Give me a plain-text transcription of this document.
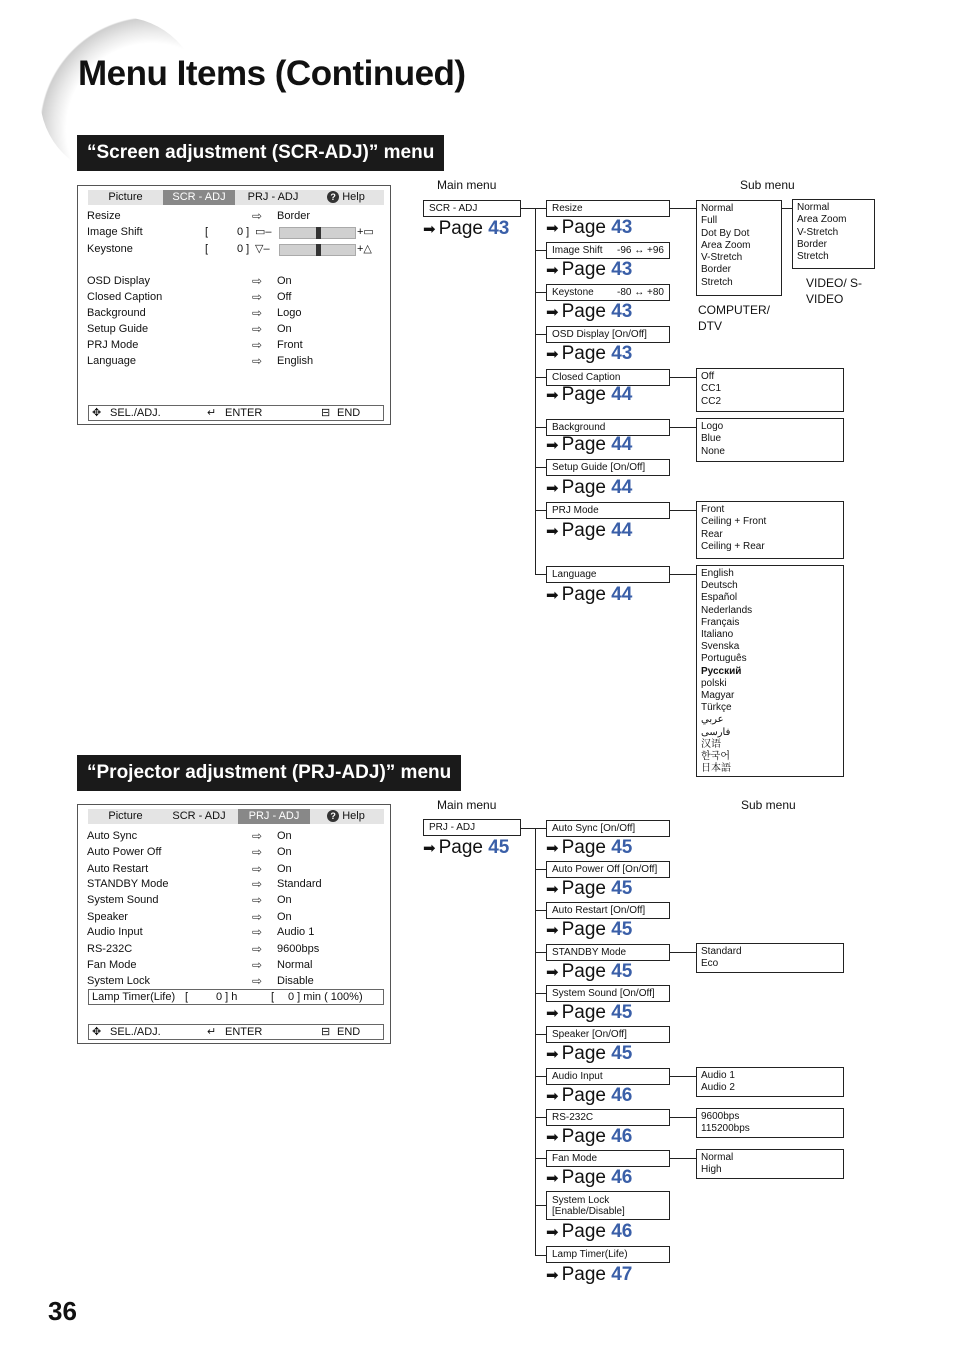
Menu Items (Continued)
“Screen adjustment (SCR-ADJ)” menu
Picture	SCR - ADJ	PRJ - ADJ	? Help
Resize	⇨ Border
Image Shift	[	0 ] ▭–	+▭
Keystone	[	0 ] ▽–	+△
OSD Display	⇨ On
Closed Caption	⇨ Off
Background	⇨ Logo
Setup Guide	⇨ On
PRJ Mode	⇨ Front
Language	⇨ English
✥ SEL./ADJ.	↵ ENTER	⊟ END
Main menu	Sub menu
SCR - ADJ
➡ Page 43
Resize
➡ Page 43
Image Shift -96 ↔ +96
➡ Page 43
Keystone -80 ↔ +80
➡ Page 43
OSD Display [On/Off]
➡ Page 43
Closed Caption
➡ Page 44
Background
➡ Page 44
Setup Guide [On/Off]
➡ Page 44
PRJ Mode
➡ Page 44
Language
➡ Page 44
Normal
Full
Dot By Dot
Area Zoom
V-Stretch
Border
Stretch
COMPUTER/ DTV
Normal
Area Zoom
V-Stretch
Border
Stretch
VIDEO/ S-VIDEO
Off
CC1
CC2
Logo
Blue
None
Front
Ceiling + Front
Rear
Ceiling + Rear
English
Deutsch
Español
Nederlands
Français
Italiano
Svenska
Português
Русский
polski
Magyar
Türkçe
عربي
فارسی
汉语
한국어
日本語
“Projector adjustment (PRJ-ADJ)” menu
Picture	SCR - ADJ	PRJ - ADJ	? Help
Auto Sync	⇨ On
Auto Power Off	⇨ On
Auto Restart	⇨ On
STANDBY Mode	⇨ Standard
System Sound	⇨ On
Speaker	⇨ On
Audio Input	⇨ Audio 1
RS-232C	⇨ 9600bps
Fan Mode	⇨ Normal
System Lock	⇨ Disable
Lamp Timer(Life) [	0 ] h	[ 0 ] min ( 100%)
✥ SEL./ADJ.	↵ ENTER	⊟ END
Main menu	Sub menu
PRJ - ADJ
➡ Page 45
Auto Sync [On/Off]
➡ Page 45
Auto Power Off [On/Off]
➡ Page 45
Auto Restart [On/Off]
➡ Page 45
STANDBY Mode
➡ Page 45
System Sound [On/Off]
➡ Page 45
Speaker [On/Off]
➡ Page 45
Audio Input
➡ Page 46
RS-232C
➡ Page 46
Fan Mode
➡ Page 46
System Lock [Enable/Disable]
➡ Page 46
Lamp Timer(Life)
➡ Page 47
Standard
Eco
Audio 1
Audio 2
9600bps
115200bps
Normal
High
36
